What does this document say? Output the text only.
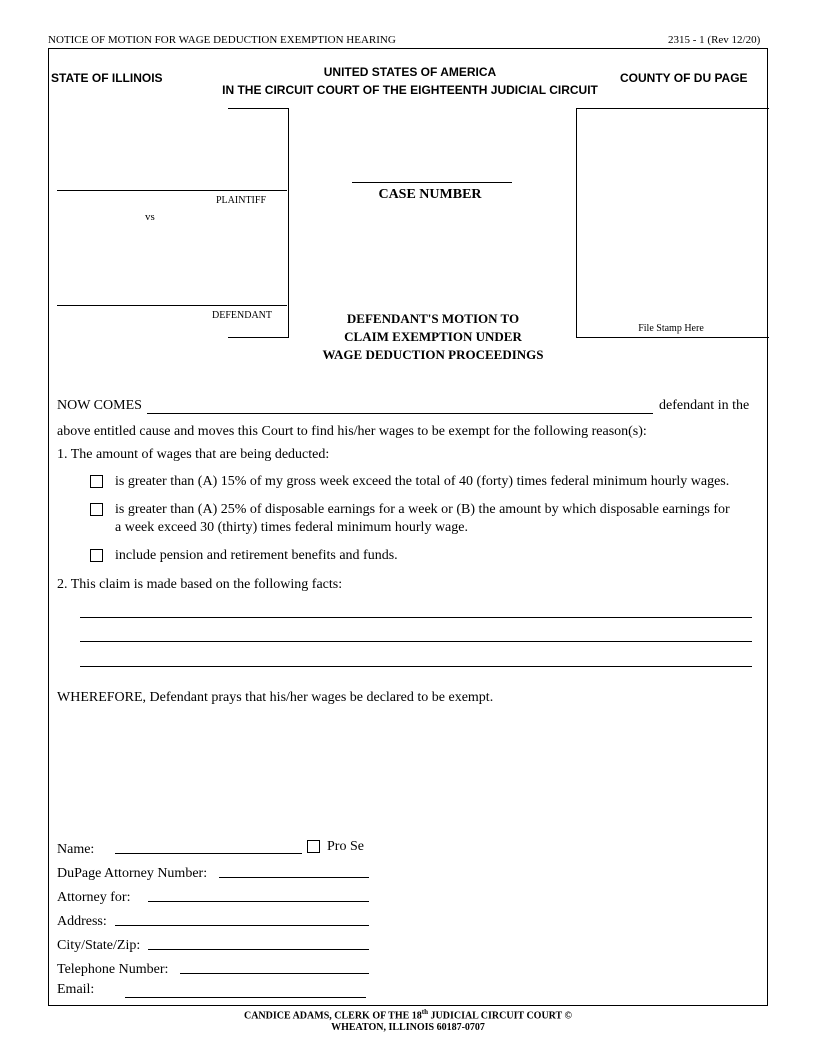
NOTICE OF MOTION FOR WAGE DEDUCTION EXEMPTION HEARING	2315 - 1 (Rev 12/20)
STATE OF ILLINOIS	UNITED STATES OF AMERICA
IN THE CIRCUIT COURT OF THE EIGHTEENTH JUDICIAL CIRCUIT
COUNTY OF DU PAGE
PLAINTIFF
vs
DEFENDANT
CASE NUMBER
File Stamp Here
DEFENDANT'S MOTION TO
CLAIM EXEMPTION UNDER
WAGE DEDUCTION PROCEEDINGS
NOW COMES	defendant in the
above entitled cause and moves this Court to find his/her wages to be exempt for the following reason(s):
1. The amount of wages that are being deducted:
is greater than (A) 15% of my gross week exceed the total of 40 (forty) times federal minimum hourly wages.
is greater than (A) 25% of disposable earnings for a week or (B) the amount by which disposable earnings for
a week exceed 30 (thirty) times federal minimum hourly wage.
include pension and retirement benefits and funds.
2. This claim is made based on the following facts:
WHEREFORE, Defendant prays that his/her wages be declared to be exempt.
Name:	Pro Se
DuPage Attorney Number:
Attorney for:
Address:
City/State/Zip:
Telephone Number:
Email:
CANDICE ADAMS, CLERK OF THE 18th JUDICIAL CIRCUIT COURT ©
WHEATON, ILLINOIS 60187-0707
